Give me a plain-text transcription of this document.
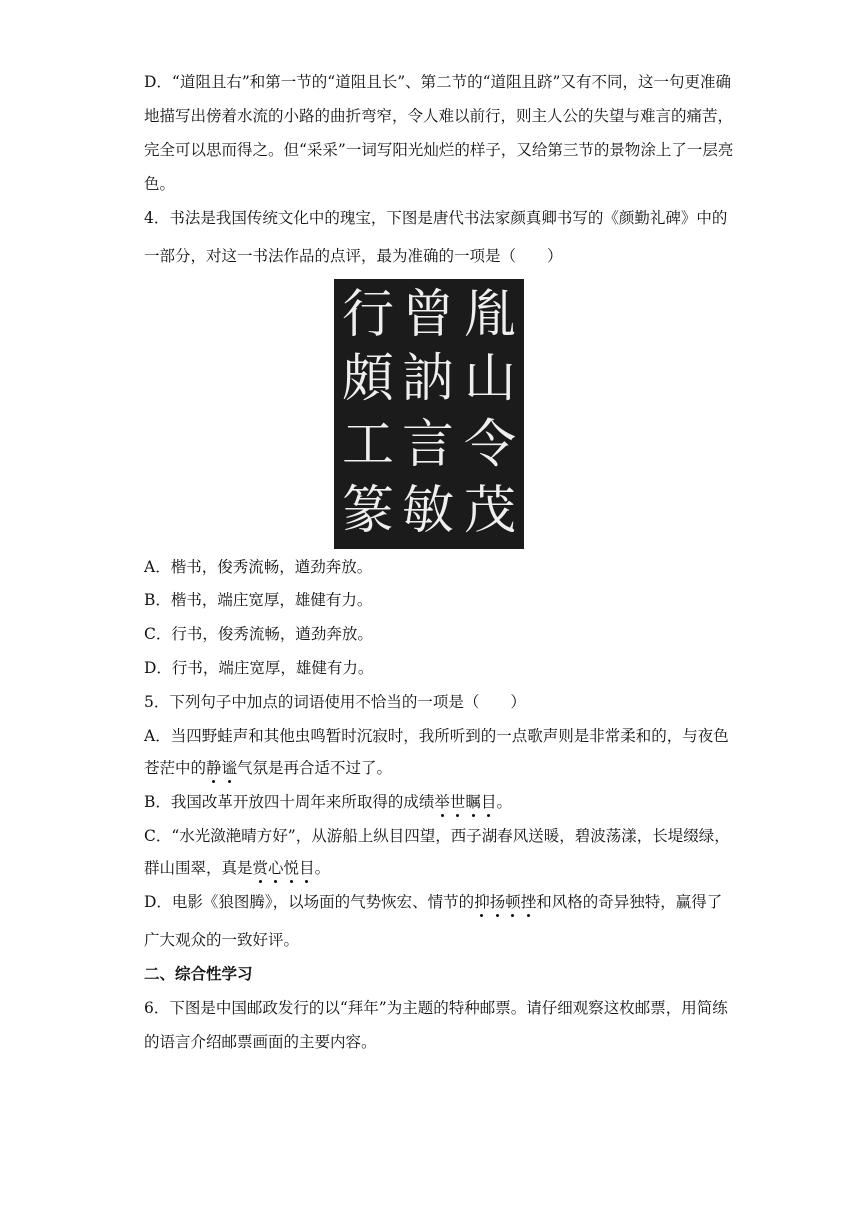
D．“道阻且右”和第一节的“道阻且长”、第二节的“道阻且跻”又有不同，这一句更准确
地描写出傍着水流的小路的曲折弯窄，令人难以前行，则主人公的失望与难言的痛苦，
完全可以思而得之。但“采采”一词写阳光灿烂的样子，又给第三节的景物涂上了一层亮
色。
4．书法是我国传统文化中的瑰宝，下图是唐代书法家颜真卿书写的《颜勤礼碑》中的
一部分，对这一书法作品的点评，最为准确的一项是（　　）
胤
山
令
茂
曾
訥
言
敏
行
頗
工
篆
A．楷书，俊秀流畅，遒劲奔放。
B．楷书，端庄宽厚，雄健有力。
C．行书，俊秀流畅，遒劲奔放。
D．行书，端庄宽厚，雄健有力。
5．下列句子中加点的词语使用不恰当的一项是（　　）
A．当四野蛙声和其他虫鸣暂时沉寂时，我所听到的一点歌声则是非常柔和的，与夜色
苍茫中的静谧气氛是再合适不过了。
B．我国改革开放四十周年来所取得的成绩举世瞩目。
C．“水光潋滟晴方好”，从游船上纵目四望，西子湖春风送暖，碧波荡漾，长堤缀绿，
群山围翠，真是赏心悦目。
D．电影《狼图腾》，以场面的气势恢宏、情节的抑扬顿挫和风格的奇异独特，赢得了
广大观众的一致好评。
二、综合性学习
6．下图是中国邮政发行的以“拜年”为主题的特种邮票。请仔细观察这枚邮票，用简练
的语言介绍邮票画面的主要内容。
